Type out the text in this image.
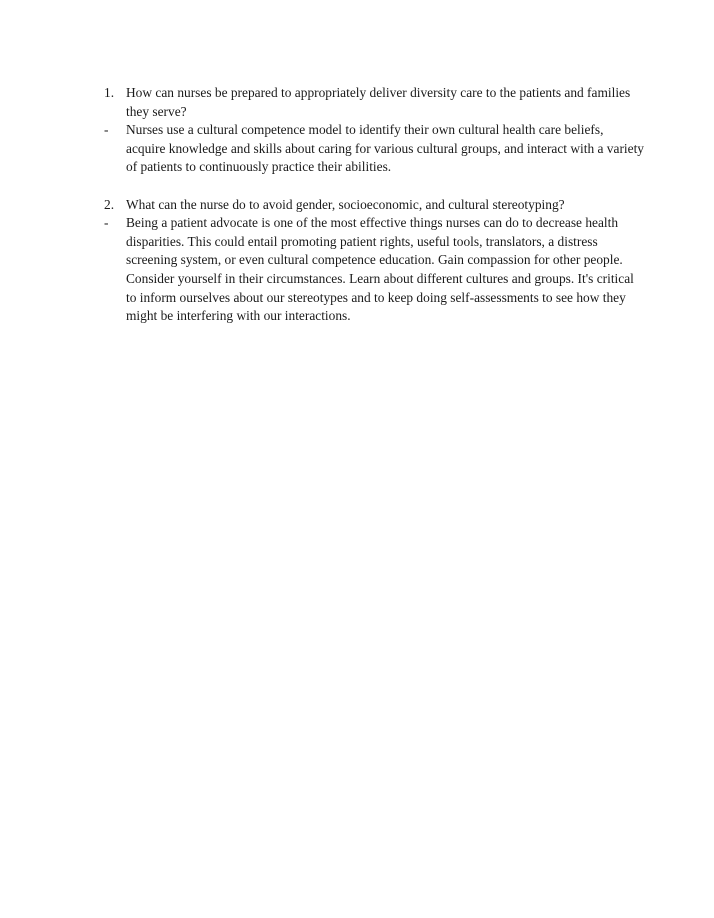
1. How can nurses be prepared to appropriately deliver diversity care to the patients and families they serve?
-	Nurses use a cultural competence model to identify their own cultural health care beliefs, acquire knowledge and skills about caring for various cultural groups, and interact with a variety of patients to continuously practice their abilities.
2. What can the nurse do to avoid gender, socioeconomic, and cultural stereotyping?
-	Being a patient advocate is one of the most effective things nurses can do to decrease health disparities. This could entail promoting patient rights, useful tools, translators, a distress screening system, or even cultural competence education. Gain compassion for other people. Consider yourself in their circumstances. Learn about different cultures and groups. It's critical to inform ourselves about our stereotypes and to keep doing self-assessments to see how they might be interfering with our interactions.
